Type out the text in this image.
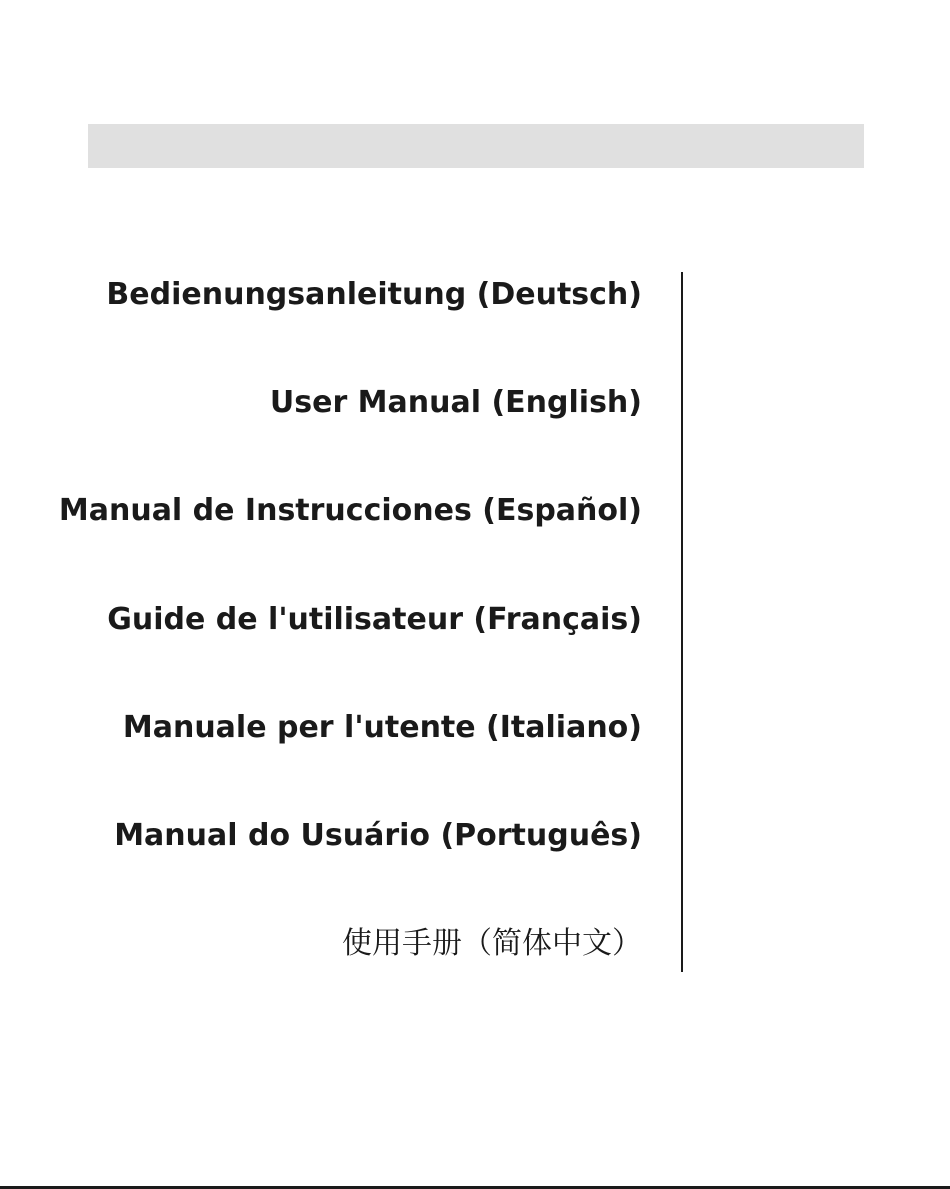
Bedienungsanleitung (Deutsch)
User Manual (English)
Manual de Instrucciones (Español)
Guide de l'utilisateur (Français)
Manuale per l'utente (Italiano)
Manual do Usuário (Português)
使用手册（简体中文）
